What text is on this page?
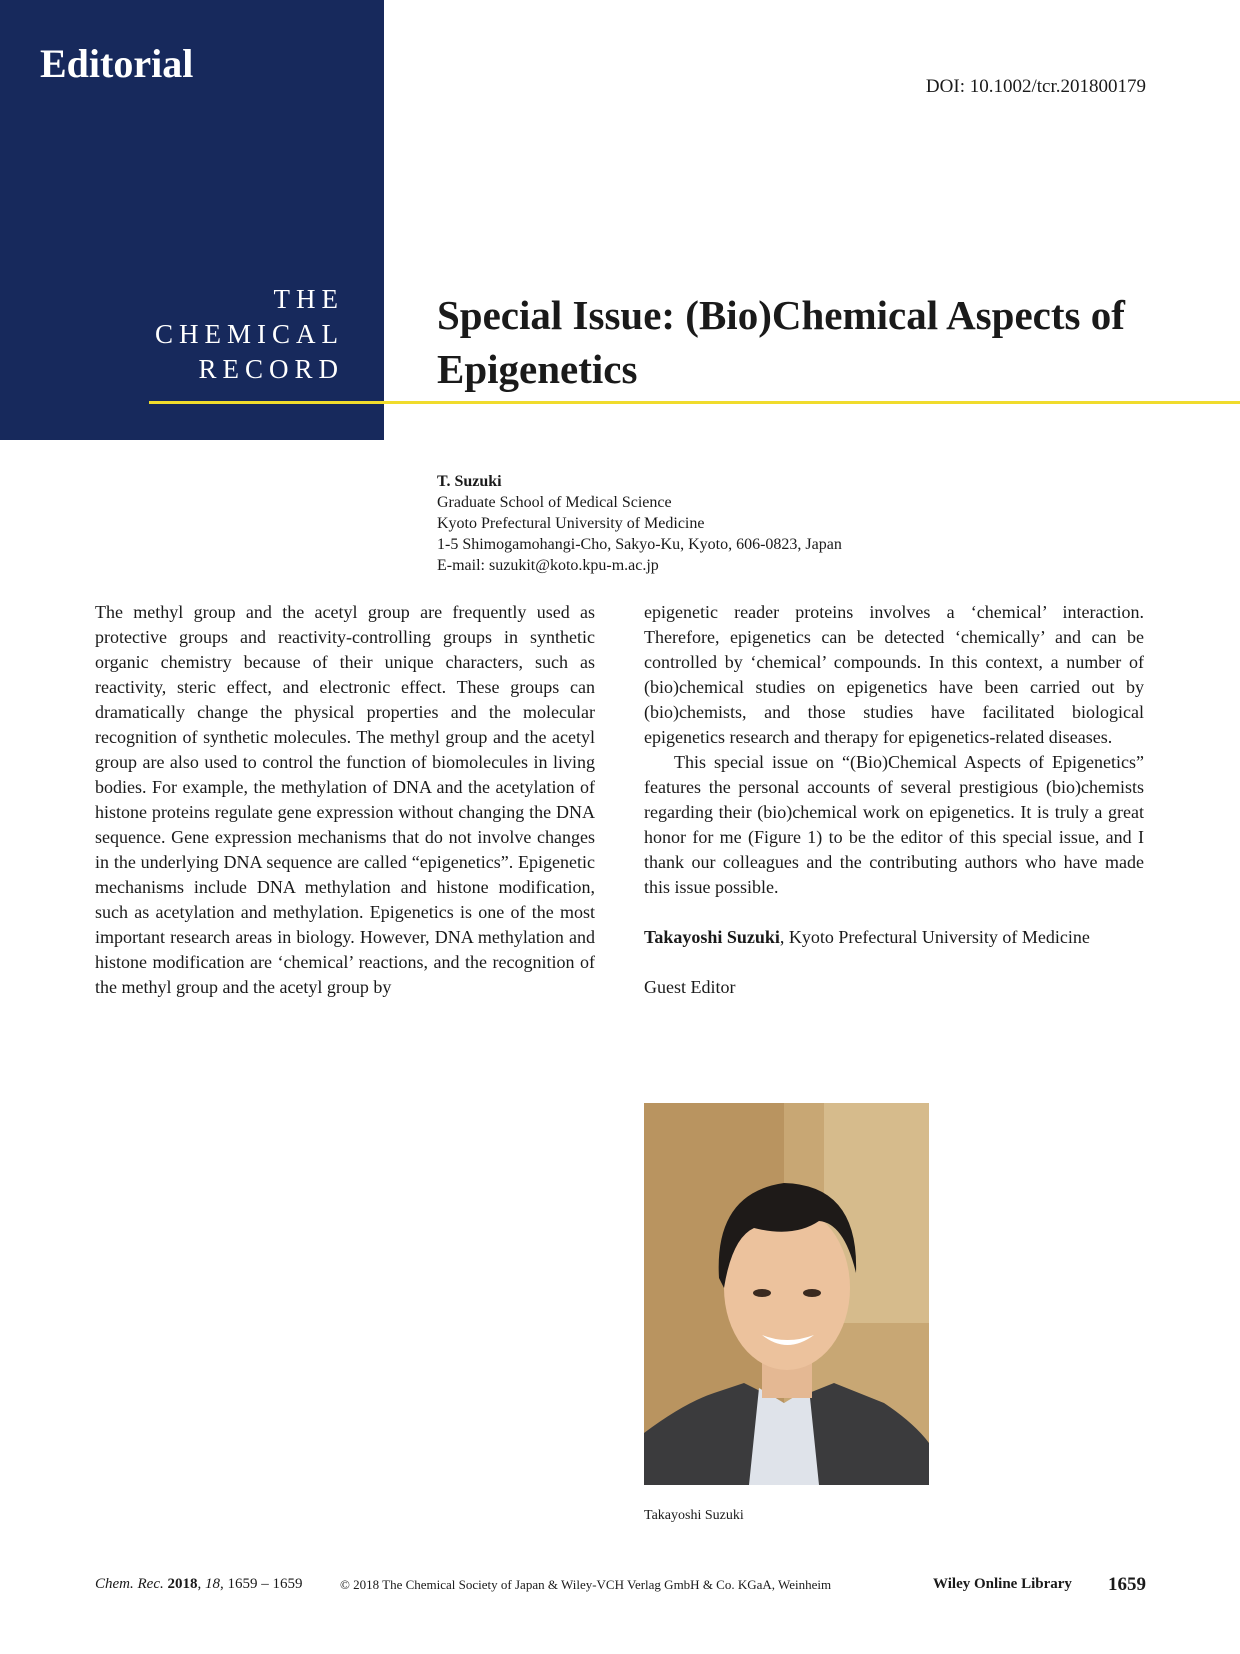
Editorial
THE
CHEMICAL
RECORD
DOI: 10.1002/tcr.201800179
Special Issue: (Bio)Chemical Aspects of
Epigenetics
T. Suzuki
Graduate School of Medical Science
Kyoto Prefectural University of Medicine
1-5 Shimogamohangi-Cho, Sakyo-Ku, Kyoto, 606-0823, Japan
E-mail: suzukit@koto.kpu-m.ac.jp

The methyl group and the acetyl group are frequently used as protective groups and reactivity-controlling groups in synthetic organic chemistry because of their unique characters, such as reactivity, steric effect, and electronic effect. These groups can dramatically change the physical properties and the molecular recognition of synthetic molecules. The methyl group and the acetyl group are also used to control the function of biomolecules in living bodies. For example, the methylation of DNA and the acetylation of histone proteins regulate gene expression without changing the DNA sequence. Gene expression mechanisms that do not involve changes in the underlying DNA sequence are called “epigenetics”. Epigenetic mechanisms include DNA methylation and histone modification, such as acetylation and methylation. Epigenetics is one of the most important research areas in biology. However, DNA methylation and histone modification are ‘chemical’ reactions, and the recognition of the methyl group and the acetyl group by

epigenetic reader proteins involves a ‘chemical’ interaction. Therefore, epigenetics can be detected ‘chemically’ and can be controlled by ‘chemical’ compounds. In this context, a number of (bio)chemical studies on epigenetics have been carried out by (bio)chemists, and those studies have facilitated biological epigenetics research and therapy for epigenetics-related diseases.

This special issue on “(Bio)Chemical Aspects of Epigenetics” features the personal accounts of several prestigious (bio)chemists regarding their (bio)chemical work on epigenetics. It is truly a great honor for me (Figure 1) to be the editor of this special issue, and I thank our colleagues and the contributing authors who have made this issue possible.

Takayoshi Suzuki, Kyoto Prefectural University of Medicine

Guest Editor

Takayoshi Suzuki
Chem. Rec. 2018, 18, 1659 – 1659	© 2018 The Chemical Society of Japan & Wiley-VCH Verlag GmbH & Co. KGaA, Weinheim	Wiley Online Library 1659
